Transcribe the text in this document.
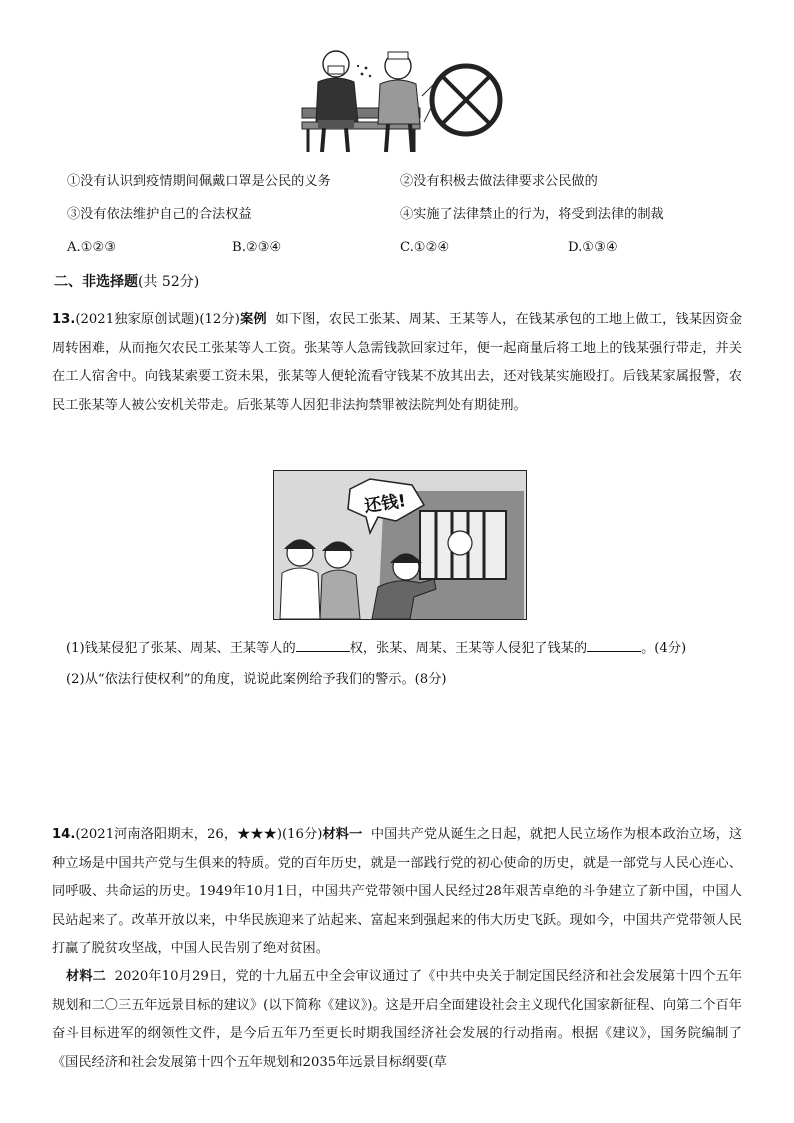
①没有认识到疫情期间佩戴口罩是公民的义务	②没有积极去做法律要求公民做的
③没有依法维护自己的合法权益	④实施了法律禁止的行为，将受到法律的制裁
A.①②③	B.②③④	C.①②④	D.①③④
二、非选择题(共 52分)
13.(2021独家原创试题)(12分)案例 如下图，农民工张某、周某、王某等人，在钱某承包的工地上做工，钱某因资金周转困难，从而拖欠农民工张某等人工资。张某等人急需钱款回家过年，便一起商量后将工地上的钱某强行带走，并关在工人宿舍中。向钱某索要工资未果，张某等人便轮流看守钱某不放其出去，还对钱某实施殴打。后钱某家属报警，农民工张某等人被公安机关带走。后张某等人因犯非法拘禁罪被法院判处有期徒刑。
还钱!
(1)钱某侵犯了张某、周某、王某等人的	权，张某、周某、王某等人侵犯了钱某的	。(4分)
(2)从“依法行使权利”的角度，说说此案例给予我们的警示。(8分)
14.(2021河南洛阳期末，26，★★★)(16分)材料一 中国共产党从诞生之日起，就把人民立场作为根本政治立场，这种立场是中国共产党与生俱来的特质。党的百年历史，就是一部践行党的初心使命的历史，就是一部党与人民心连心、同呼吸、共命运的历史。1949年10月1日，中国共产党带领中国人民经过28年艰苦卓绝的斗争建立了新中国，中国人民站起来了。改革开放以来，中华民族迎来了站起来、富起来到强起来的伟大历史飞跃。现如今，中国共产党带领人民打赢了脱贫攻坚战，中国人民告别了绝对贫困。
材料二 2020年10月29日，党的十九届五中全会审议通过了《中共中央关于制定国民经济和社会发展第十四个五年规划和二〇三五年远景目标的建议》(以下简称《建议》)。这是开启全面建设社会主义现代化国家新征程、向第二个百年奋斗目标进军的纲领性文件，是今后五年乃至更长时期我国经济社会发展的行动指南。根据《建议》，国务院编制了《国民经济和社会发展第十四个五年规划和2035年远景目标纲要(草
